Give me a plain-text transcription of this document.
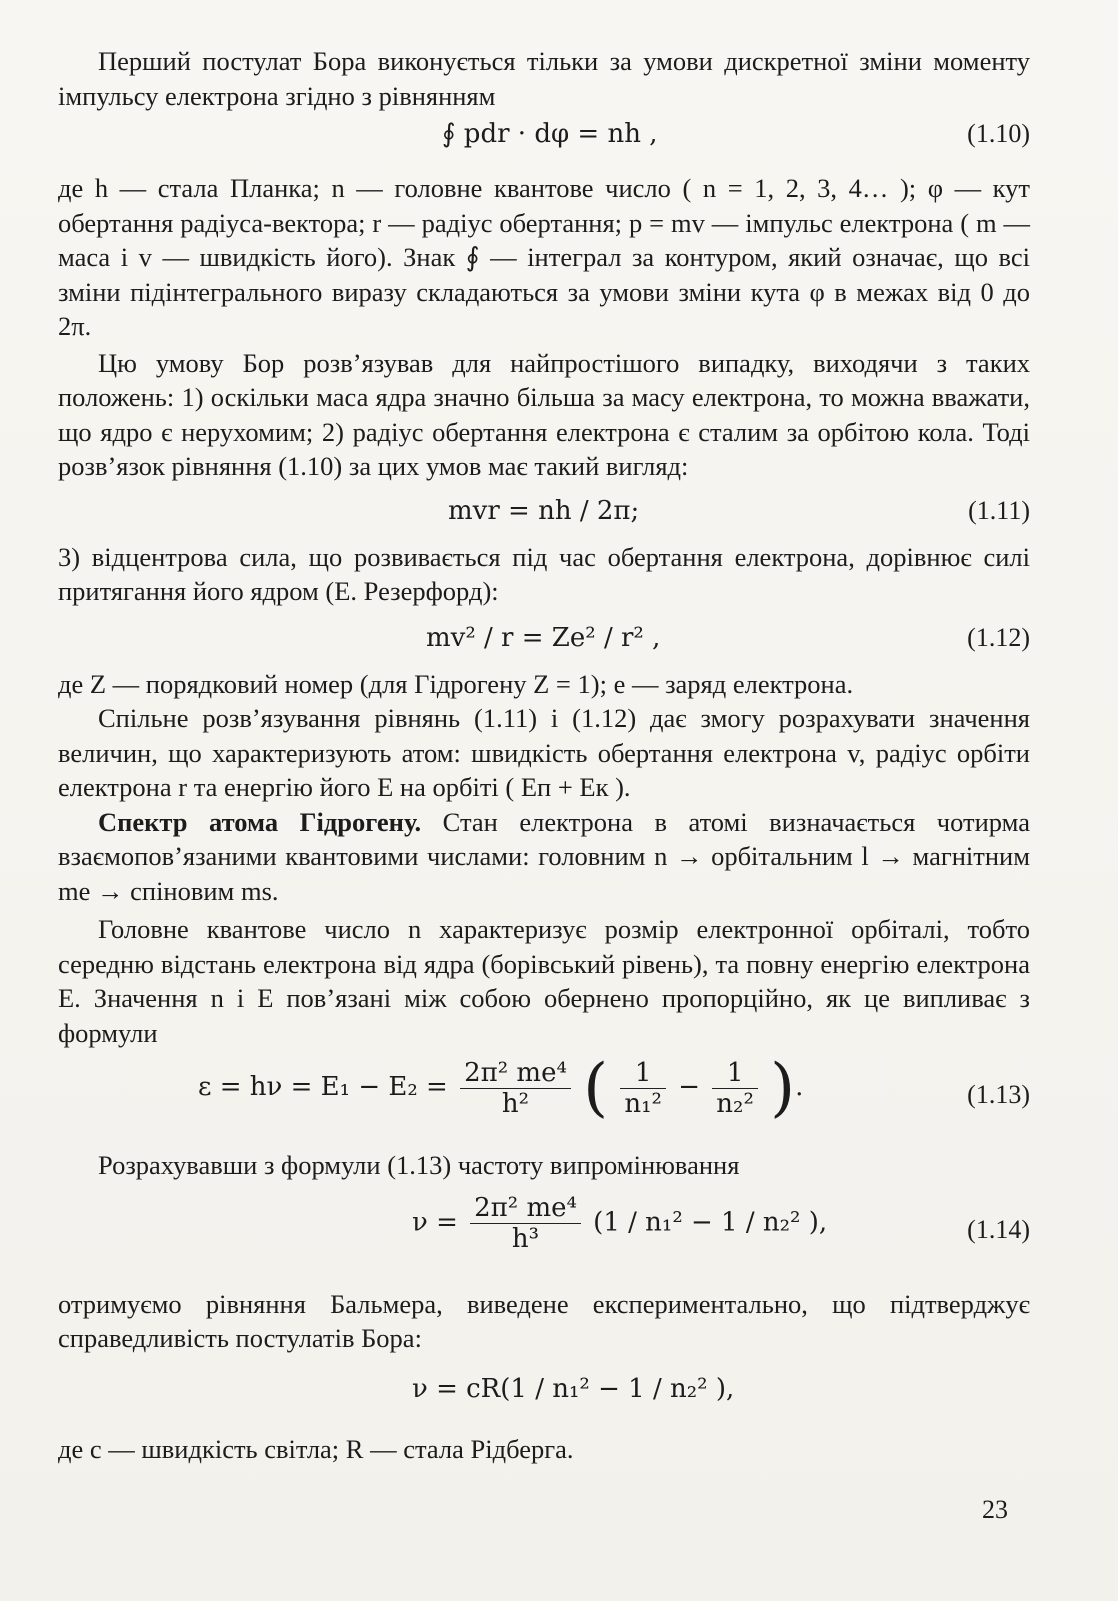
Перший постулат Бора виконується тільки за умови дискретної зміни моменту імпульсу електрона згідно з рівнянням

∮ pdr · dφ = nh ,	(1.10)

де h — стала Планка; n — головне квантове число ( n = 1, 2, 3, 4… ); φ — кут обертання радіуса-вектора; r — радіус обертання; p = mv — імпульс електрона ( m — маса і v — швидкість його). Знак ∮ — інтеграл за контуром, який означає, що всі зміни підінтегрального виразу складаються за умови зміни кута φ в межах від 0 до 2π.

Цю умову Бор розв’язував для найпростішого випадку, виходячи з таких положень: 1) оскільки маса ядра значно більша за масу електрона, то можна вважати, що ядро є нерухомим; 2) радіус обертання електрона є сталим за орбітою кола. Тоді розв’язок рівняння (1.10) за цих умов має такий вигляд:

mvr = nh / 2π;	(1.11)

3) відцентрова сила, що розвивається під час обертання електрона, дорівнює силі притягання його ядром (Е. Резерфорд):

mv² / r = Ze² / r² ,	(1.12)

де Z — порядковий номер (для Гідрогену Z = 1); e — заряд електрона.

Спільне розв’язування рівнянь (1.11) і (1.12) дає змогу розрахувати значення величин, що характеризують атом: швидкість обертання електрона v, радіус орбіти електрона r та енергію його E на орбіті ( Eп + Eк ).

Спектр атома Гідрогену. Стан електрона в атомі визначається чотирма взаємопов’язаними квантовими числами: головним n → орбітальним l → магнітним me → спіновим ms.

Головне квантове число n характеризує розмір електронної орбіталі, тобто середню відстань електрона від ядра (борівський рівень), та повну енергію електрона E. Значення n і E пов’язані між собою обернено пропорційно, як це випливає з формули

$\varepsilon = h\nu = E_1 - E_2 = \frac{\text{2π² me⁴}}{\text{h²}}$ ( $\frac{1}{\text{n₁²}} - \frac{1}{\text{n₂²}}$ ).	(1.13)

Розрахувавши з формули (1.13) частоту випромінювання

$\nu = \frac{\text{2π² me⁴}}{\text{h³}} (1 / n_1^2 - 1 / n_2^2$ ),	(1.14)

отримуємо рівняння Бальмера, виведене експериментально, що підтверджує справедливість постулатів Бора:

ν = cR(1 / n₁² − 1 / n₂² ),

де c — швидкість світла; R — стала Рідберга.

23
